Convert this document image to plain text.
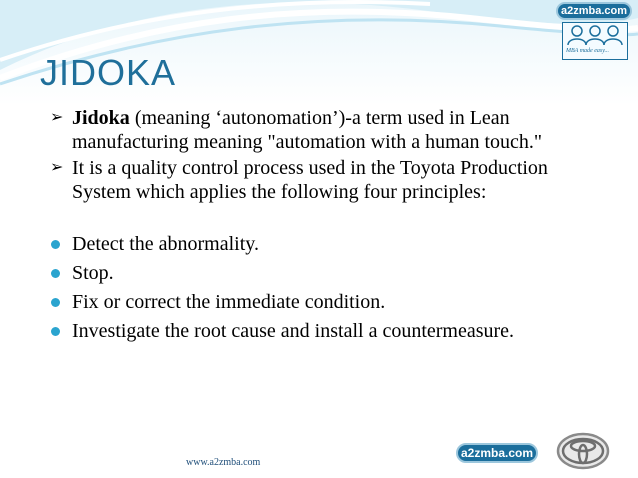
JIDOKA
➢ Jidoka (meaning ‘autonomation’)-a term used in Lean manufacturing meaning "automation with a human touch."
➢ It is a quality control process used in the Toyota Production System which applies the following four principles:
Detect the abnormality.
Stop.
Fix or correct the immediate condition.
Investigate the root cause and install a countermeasure.
a2zmba.com
MBA made easy...
www.a2zmba.com
a2zmba.com
